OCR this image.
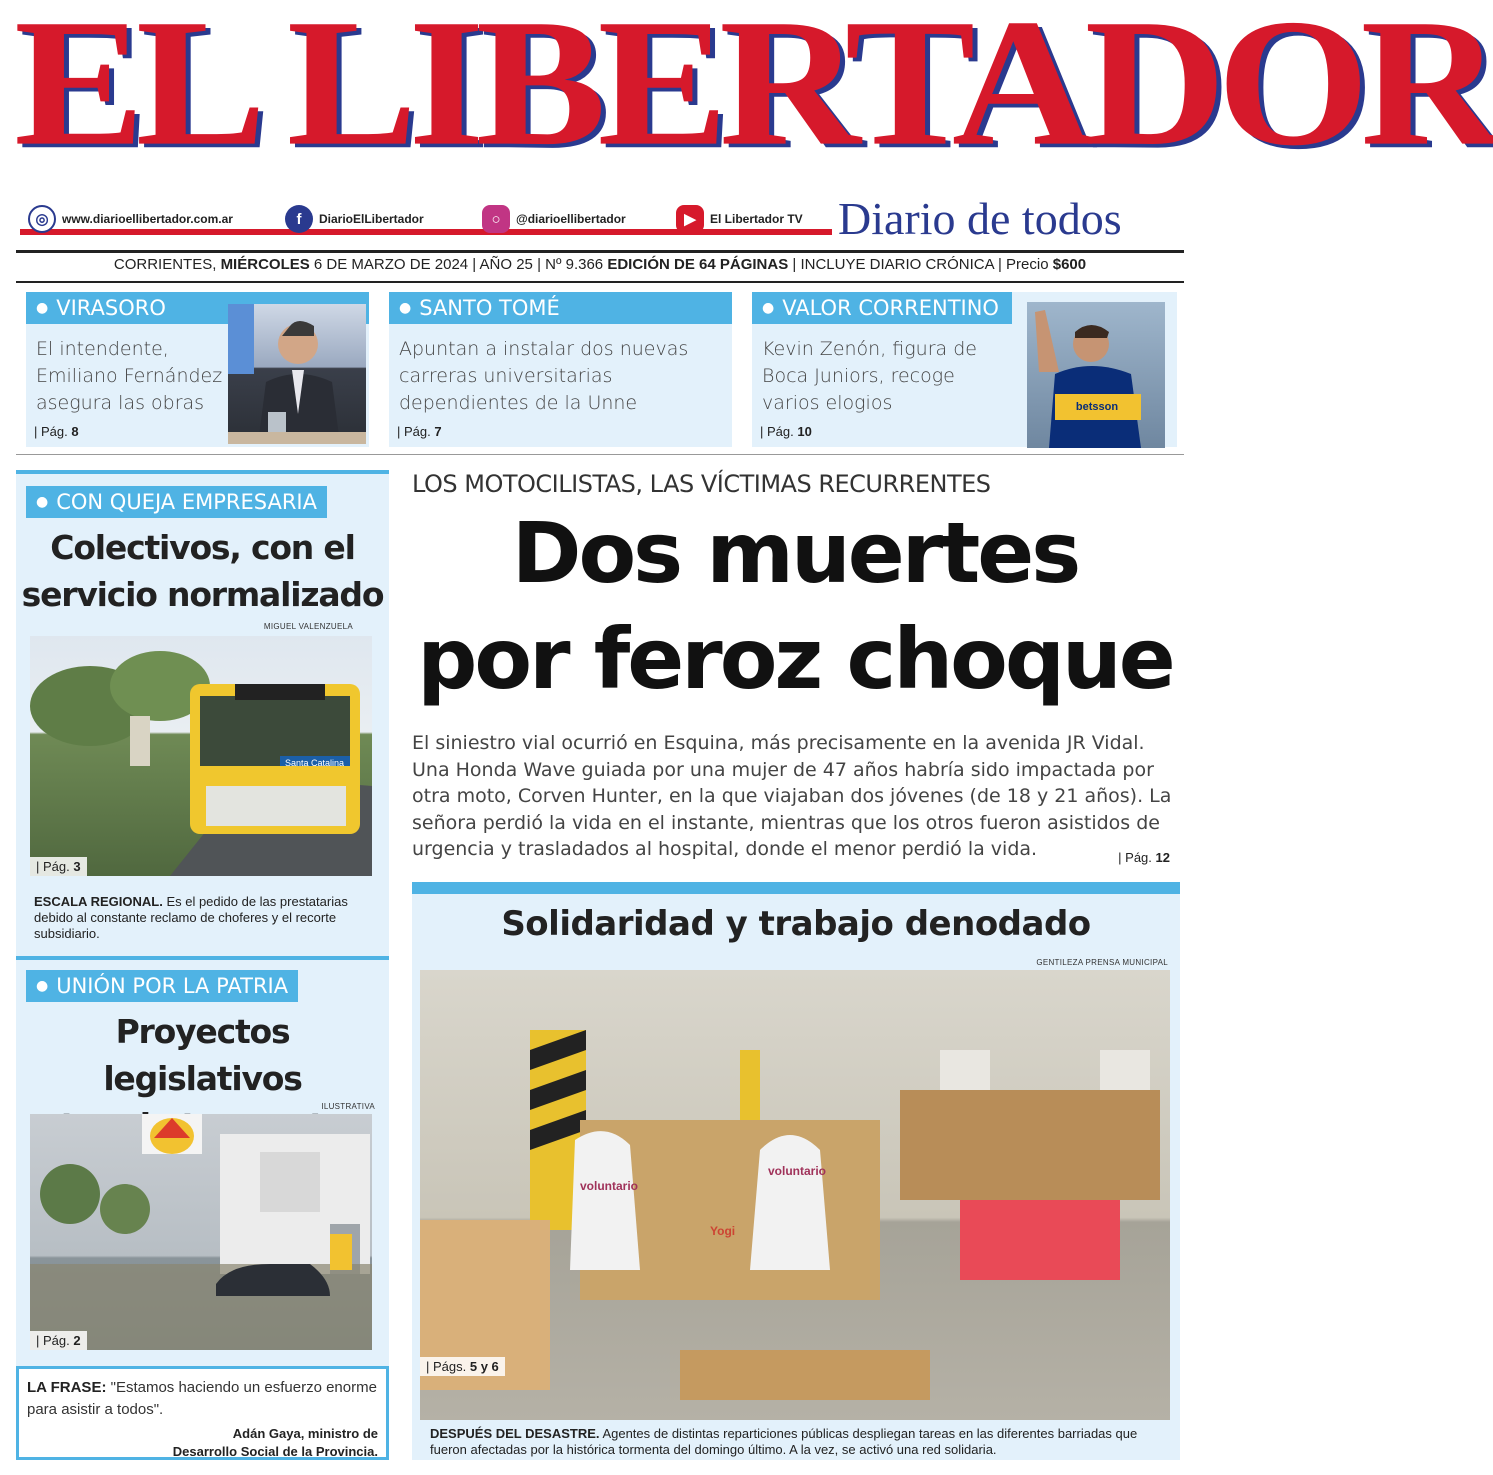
EL LIBERTADOR
◎	www.diarioellibertador.com.ar	f	DiarioElLibertador	○	@diarioellibertador	▶	El Libertador TV Diario de todos
CORRIENTES, MIÉRCOLES 6 DE MARZO DE 2024 | AÑO 25 | Nº 9.366 EDICIÓN DE 64 PÁGINAS | INCLUYE DIARIO CRÓNICA | Precio $600
● VIRASORO
El intendente, Emiliano Fernández asegura las obras
| Pág. 8
● SANTO TOMÉ
Apuntan a instalar dos nuevas carreras universitarias dependientes de la Unne
| Pág. 7
● VALOR CORRENTINO
Kevin Zenón, figura de Boca Juniors, recoge varios elogios
| Pág. 10
betsson
● CON QUEJA EMPRESARIA
Colectivos, con el
servicio normalizado
MIGUEL VALENZUELA
Santa Catalina
| Pág. 3
ESCALA REGIONAL. Es el pedido de las prestatarias debido al constante reclamo de choferes y el recorte subsidiario.
● UNIÓN POR LA PATRIA
Proyectos legislativos
ILUSTRATIVA
| Pág. 2
LA FRASE: "Estamos haciendo un esfuerzo enorme para asistir a todos".
Adán Gaya, ministro de
Desarrollo Social de la Provincia.
LOS MOTOCILISTAS, LAS VÍCTIMAS RECURRENTES
Dos muertes
por feroz choque
El siniestro vial ocurrió en Esquina, más precisamente en la avenida JR Vidal. Una Honda Wave guiada por una mujer de 47 años habría sido impactada por otra moto, Corven Hunter, en la que viajaban dos jóvenes (de 18 y 21 años). La señora perdió la vida en el instante, mientras que los otros fueron asistidos de urgencia y trasladados al hospital, donde el menor perdió la vida.	| Pág. 12
Solidaridad y trabajo denodado
GENTILEZA PRENSA MUNICIPAL
voluntario
voluntario
Yogi
| Págs. 5 y 6
DESPUÉS DEL DESASTRE. Agentes de distintas reparticiones públicas despliegan tareas en las diferentes barriadas que fueron afectadas por la histórica tormenta del domingo último. A la vez, se activó una red solidaria.
